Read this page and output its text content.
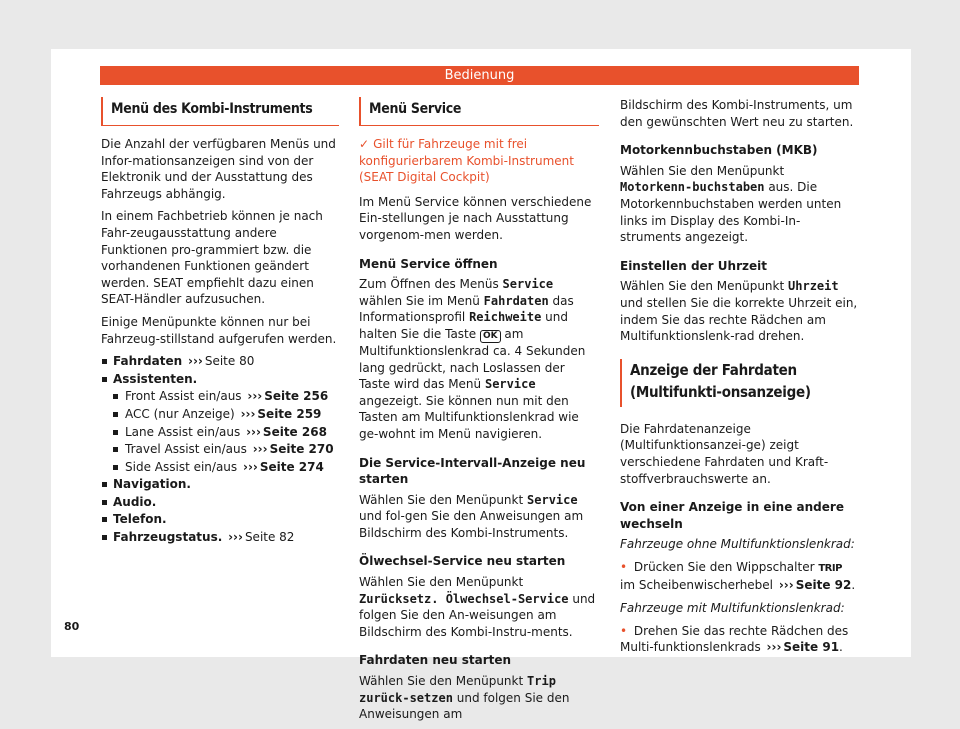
Bedienung
Menü des Kombi-Instruments

Die Anzahl der verfügbaren Menüs und Infor-mationsanzeigen sind von der Elektronik und der Ausstattung des Fahrzeugs abhängig.

In einem Fachbetrieb können je nach Fahr-zeugausstattung andere Funktionen pro-grammiert bzw. die vorhandenen Funktionen geändert werden. SEAT empfiehlt dazu einen SEAT-Händler aufzusuchen.

Einige Menüpunkte können nur bei Fahrzeug-stillstand aufgerufen werden.

Fahrdaten ››› Seite 80
Assistenten.
Front Assist ein/aus ››› Seite 256
ACC (nur Anzeige) ››› Seite 259
Lane Assist ein/aus ››› Seite 268
Travel Assist ein/aus ››› Seite 270
Side Assist ein/aus ››› Seite 274
Navigation.
Audio.
Telefon.
Fahrzeugstatus. ››› Seite 82
Menü Service

✓ Gilt für Fahrzeuge mit frei konfigurierbarem Kombi-Instrument (SEAT Digital Cockpit)

Im Menü Service können verschiedene Ein-stellungen je nach Ausstattung vorgenom-men werden.

Menü Service öffnen

Zum Öffnen des Menüs Service wählen Sie im Menü Fahrdaten das Informationsprofil Reichweite und halten Sie die Taste OK am Multifunktionslenkrad ca. 4 Sekunden lang gedrückt, nach Loslassen der Taste wird das Menü Service angezeigt. Sie können nun mit den Tasten am Multifunktionslenkrad wie ge-wohnt im Menü navigieren.

Die Service-Intervall-Anzeige neu starten

Wählen Sie den Menüpunkt Service und fol-gen Sie den Anweisungen am Bildschirm des Kombi-Instruments.

Ölwechsel-Service neu starten

Wählen Sie den Menüpunkt Zurücksetz. Ölwechsel-Service und folgen Sie den An-weisungen am Bildschirm des Kombi-Instru-ments.

Fahrdaten neu starten

Wählen Sie den Menüpunkt Trip zurück-setzen und folgen Sie den Anweisungen am

Bildschirm des Kombi-Instruments, um den gewünschten Wert neu zu starten.

Motorkennbuchstaben (MKB)

Wählen Sie den Menüpunkt Motorkenn-buchstaben aus. Die Motorkennbuchstaben werden unten links im Display des Kombi-In-struments angezeigt.

Einstellen der Uhrzeit

Wählen Sie den Menüpunkt Uhrzeit und stellen Sie die korrekte Uhrzeit ein, indem Sie das rechte Rädchen am Multifunktionslenk-rad drehen.

Anzeige der Fahrdaten (Multifunkti-onsanzeige)

Die Fahrdatenanzeige (Multifunktionsanzei-ge) zeigt verschiedene Fahrdaten und Kraft-stoffverbrauchswerte an.

Von einer Anzeige in eine andere wechseln

Fahrzeuge ohne Multifunktionslenkrad:

• Drücken Sie den Wippschalter TRIP im Scheibenwischerhebel ››› Seite 92.

Fahrzeuge mit Multifunktionslenkrad:

• Drehen Sie das rechte Rädchen des Multi-funktionslenkrads ››› Seite 91.

80
